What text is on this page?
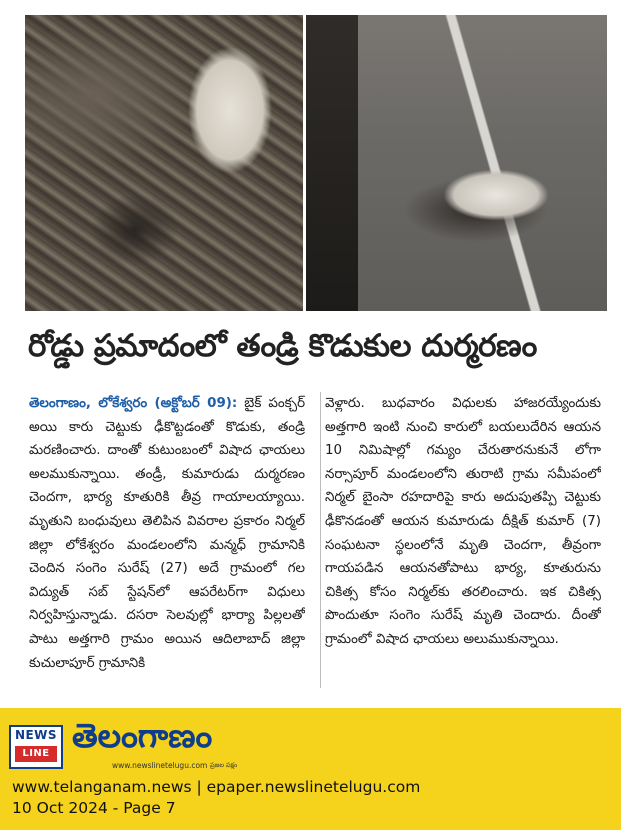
రోడ్డు ప్రమాదంలో తండ్రి కొడుకుల దుర్మరణం

తెలంగాణం, లోకేశ్వరం (అక్టోబర్ 09): బైక్ పంక్చర్ అయి కారు చెట్టుకు ఢీకొట్టడంతో కొడుకు, తండ్రి మరణించారు. దాంతో కుటుంబంలో విషాద ఛాయలు అలముకున్నాయి. తండ్రీ, కుమారుడు దుర్మరణం చెందగా, భార్య కూతురికి తీవ్ర గాయాలయ్యాయి. మృతుని బంధువులు తెలిపిన వివరాల ప్రకారం నిర్మల్ జిల్లా లోకేశ్వరం మండలంలోని మన్మధ్ గ్రామానికి చెందిన సంగెం సురేష్ (27) అదే గ్రామంలో గల విద్యుత్ సబ్ స్టేషన్‌లో ఆపరేటర్‌గా విధులు నిర్వహిస్తున్నాడు. దసరా సెలవుల్లో భార్యా పిల్లలతో పాటు అత్తగారి గ్రామం అయిన ఆదిలాబాద్ జిల్లా కుచులాపూర్ గ్రామానికి

వెళ్లారు. బుధవారం విధులకు హాజరయ్యేందుకు అత్తగారి ఇంటి నుంచి కారులో బయలుదేరిన ఆయన 10 నిమిషాల్లో గమ్యం చేరుతారనుకునే లోగా నర్సాపూర్ మండలంలోని తురాటి గ్రామ సమీపంలో నిర్మల్ బైంసా రహదారిపై కారు అదుపుతప్పి చెట్టుకు ఢీకొనడంతో ఆయన కుమారుడు దీక్షిత్ కుమార్ (7) సంఘటనా స్థలంలోనే మృతి చెందగా, తీవ్రంగా గాయపడిన ఆయనతోపాటు భార్య, కూతురును చికిత్స కోసం నిర్మల్‌కు తరలించారు. ఇక చికిత్స పొందుతూ సంగెం సురేష్ మృతి చెందారు. దీంతో గ్రామంలో విషాద ఛాయలు అలుముకున్నాయి.

NEWS
LINE తెలంగాణం
www.newslinetelugu.com ప్రజల పక్షం
www.telanganam.news | epaper.newslinetelugu.com
10 Oct 2024 - Page 7
